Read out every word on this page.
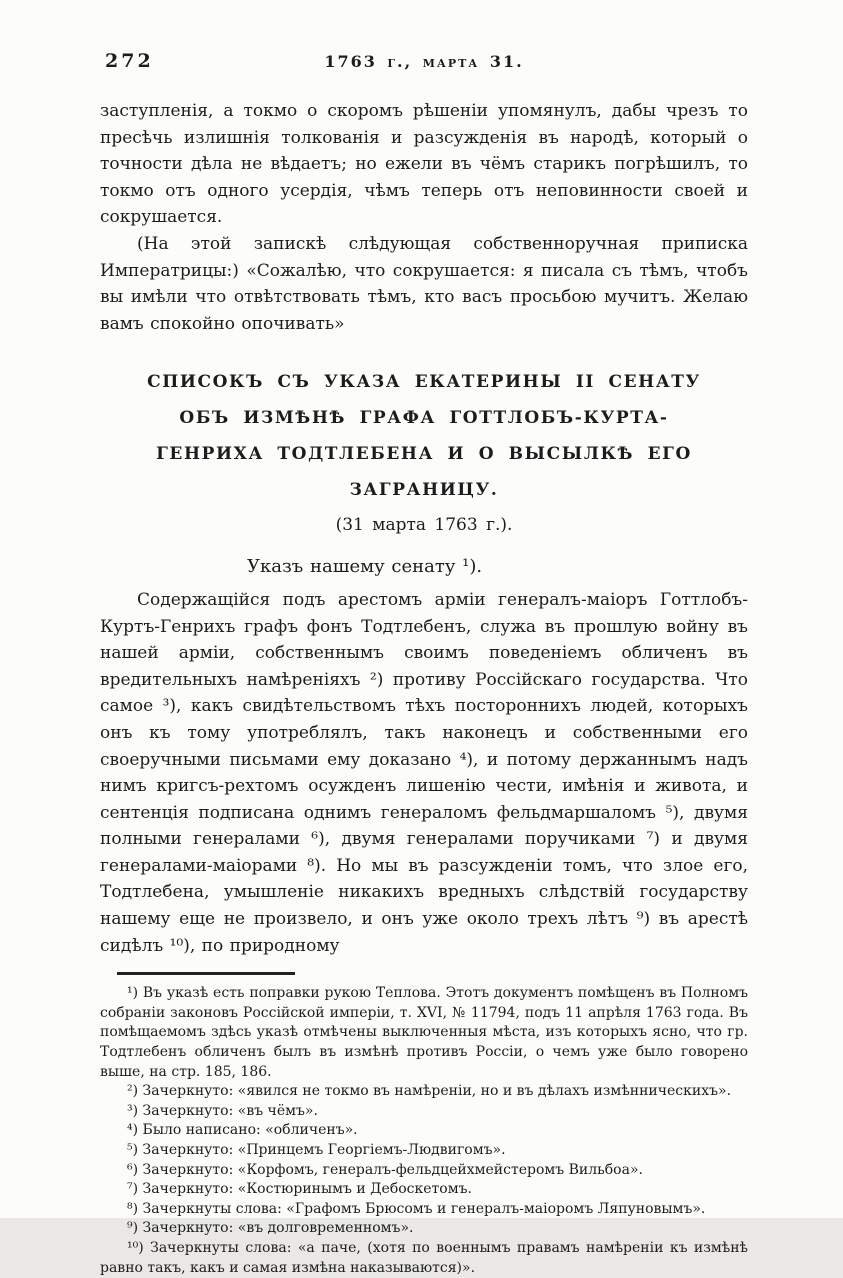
272	1763 г., марта 31.

заступленія, а токмо о скоромъ рѣшеніи упомянулъ, дабы чрезъ то пресѣчь излишнія толкованія и разсужденія въ народѣ, который о точности дѣла не вѣдаетъ; но ежели въ чёмъ старикъ погрѣшилъ, то токмо отъ одного усердія, чѣмъ теперь отъ неповинности своей и сокрушается.

(На этой запискѣ слѣдующая собственноручная приписка Императрицы:) «Сожалѣю, что сокрушается: я писала съ тѣмъ, чтобъ вы имѣли что отвѣтствовать тѣмъ, кто васъ просьбою мучитъ. Желаю вамъ спокойно опочивать»

СПИСОКЪ СЪ УКАЗА ЕКАТЕРИНЫ II СЕНАТУ ОБЪ ИЗМѢНѢ ГРАФА ГОТТЛОБЪ-КУРТА-ГЕНРИХА ТОДТЛЕБЕНА И О ВЫСЫЛКѢ ЕГО ЗАГРАНИЦУ.
(31 марта 1763 г.).
Указъ нашему сенату ¹).

Содержащійся подъ арестомъ арміи генералъ-маіоръ Готтлобъ-Куртъ-Генрихъ графъ фонъ Тодтлебенъ, служа въ прошлую войну въ нашей арміи, собственнымъ своимъ поведеніемъ обличенъ въ вредительныхъ намѣреніяхъ ²) противу Россійскаго государства. Что самое ³), какъ свидѣтельствомъ тѣхъ постороннихъ людей, которыхъ онъ къ тому употреблялъ, такъ наконецъ и собственными его своеручными письмами ему доказано ⁴), и потому держаннымъ надъ нимъ кригсъ-рехтомъ осужденъ лишенію чести, имѣнія и живота, и сентенція подписана однимъ генераломъ фельдмаршаломъ ⁵), двумя полными генералами ⁶), двумя генералами поручиками ⁷) и двумя генералами-маіорами ⁸). Но мы въ разсужденіи томъ, что злое его, Тодтлебена, умышленіе никакихъ вредныхъ слѣдствій государству нашему еще не произвело, и онъ уже около трехъ лѣтъ ⁹) въ арестѣ сидѣлъ ¹⁰), по природному

¹) Въ указѣ есть поправки рукою Теплова. Этотъ документъ помѣщенъ въ Полномъ собраніи законовъ Россійской имперіи, т. XVI, № 11794, подъ 11 апрѣля 1763 года. Въ помѣщаемомъ здѣсь указѣ отмѣчены выключенныя мѣста, изъ которыхъ ясно, что гр. Тодтлебенъ обличенъ былъ въ измѣнѣ противъ Россіи, о чемъ уже было говорено выше, на стр. 185, 186.

²) Зачеркнуто: «явился не токмо въ намѣреніи, но и въ дѣлахъ измѣнническихъ».

³) Зачеркнуто: «въ чёмъ».

⁴) Было написано: «обличенъ».

⁵) Зачеркнуто: «Принцемъ Георгіемъ-Людвигомъ».

⁶) Зачеркнуто: «Корфомъ, генералъ-фельдцейхмейстеромъ Вильбоа».

⁷) Зачеркнуто: «Костюринымъ и Дебоскетомъ.

⁸) Зачеркнуты слова: «Графомъ Брюсомъ и генералъ-маіоромъ Ляпуновымъ».

⁹) Зачеркнуто: «въ долговременномъ».

¹⁰) Зачеркнуты слова: «а паче, (хотя по военнымъ правамъ намѣреніи къ измѣнѣ равно такъ, какъ и самая измѣна наказываются)».
